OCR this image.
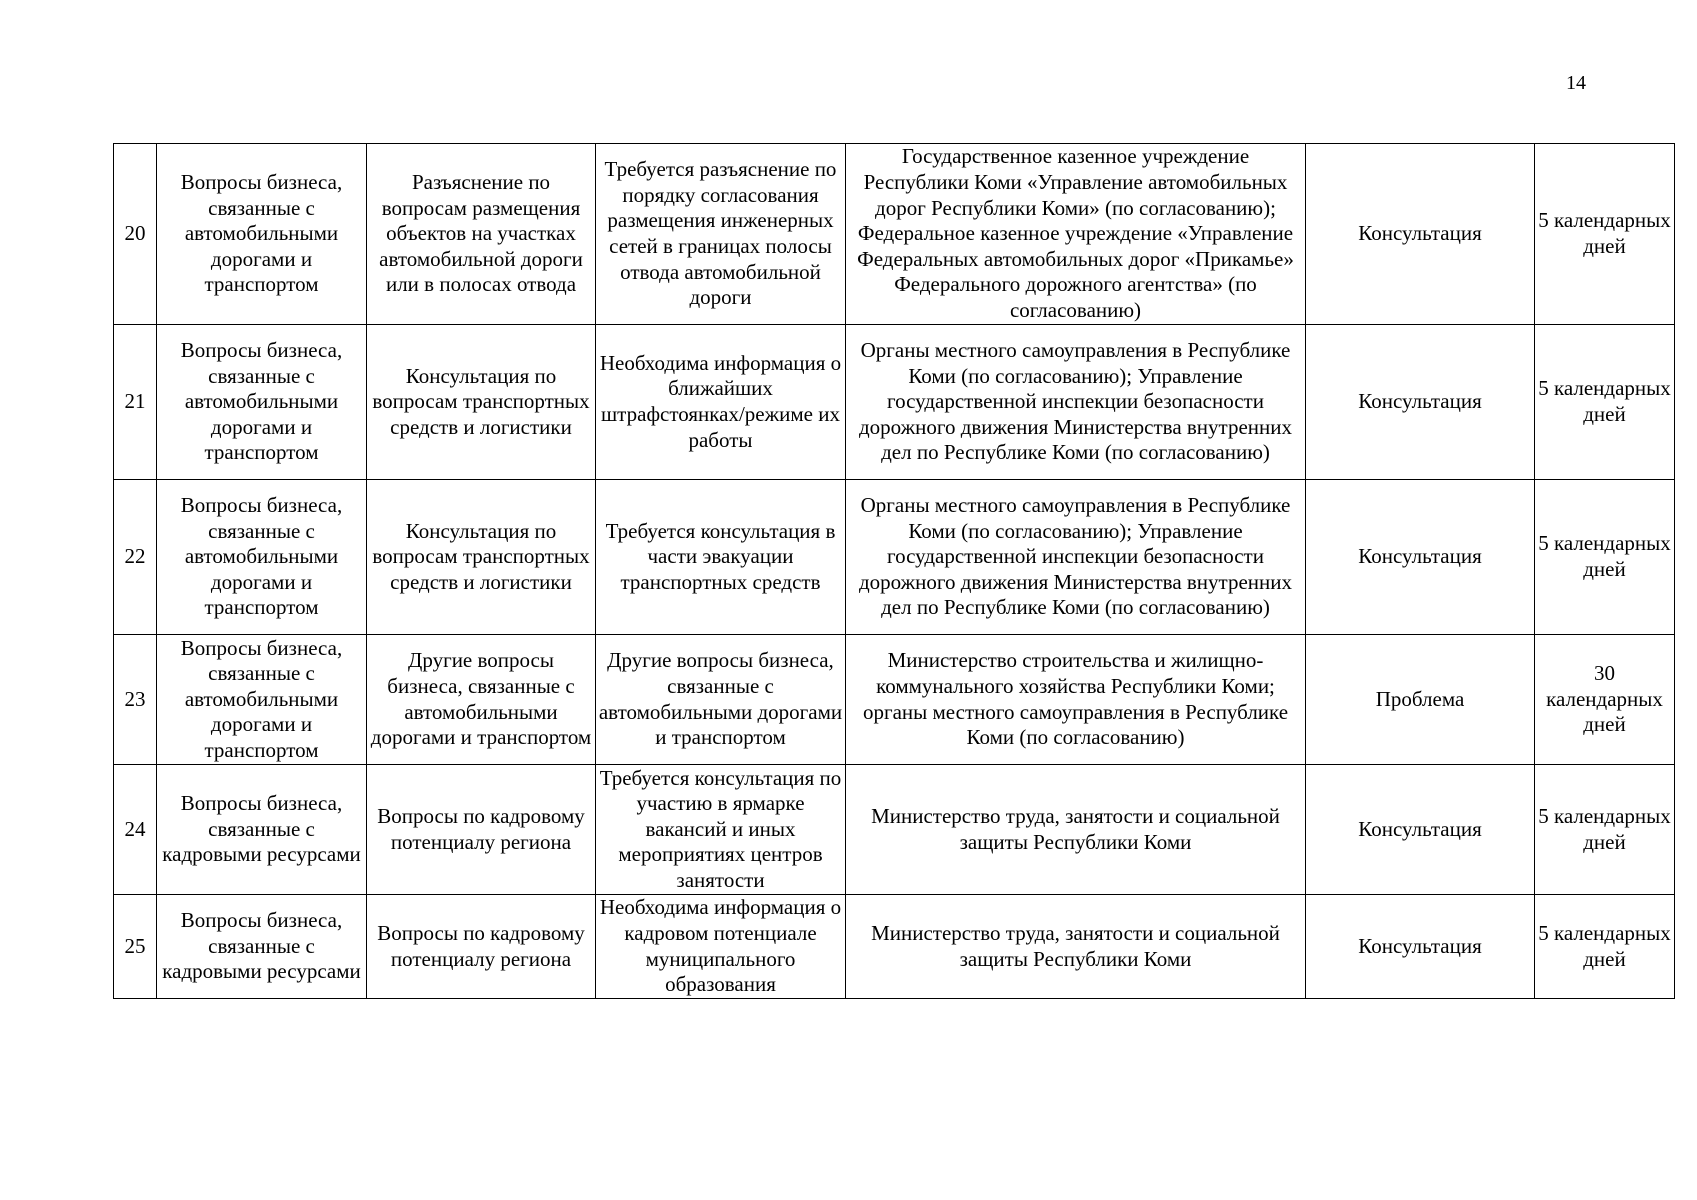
14
20	Вопросы бизнеса, связанные с автомобильными дорогами и транспортом	Разъяснение по вопросам размещения объектов на участках автомобильной дороги или в полосах отвода	Требуется разъяснение по порядку согласования размещения инженерных сетей в границах полосы отвода автомобильной дороги	Государственное казенное учреждение Республики Коми «Управление автомобильных дорог Республики Коми» (по согласованию); Федеральное казенное учреждение «Управление Федеральных автомобильных дорог «Прикамье» Федерального дорожного агентства» (по согласованию)	Консультация	5 календарных дней
21	Вопросы бизнеса, связанные с автомобильными дорогами и транспортом	Консультация по вопросам транспортных средств и логистики	Необходима информация о ближайших штрафстоянках/режиме их работы	Органы местного самоуправления в Республике Коми (по согласованию); Управление государственной инспекции безопасности дорожного движения Министерства внутренних дел по Республике Коми (по согласованию)	Консультация	5 календарных дней
22	Вопросы бизнеса, связанные с автомобильными дорогами и транспортом	Консультация по вопросам транспортных средств и логистики	Требуется консультация в части эвакуации транспортных средств	Органы местного самоуправления в Республике Коми (по согласованию); Управление государственной инспекции безопасности дорожного движения Министерства внутренних дел по Республике Коми (по согласованию)	Консультация	5 календарных дней
23	Вопросы бизнеса, связанные с автомобильными дорогами и транспортом	Другие вопросы бизнеса, связанные с автомобильными дорогами и транспортом	Другие вопросы бизнеса, связанные с автомобильными дорогами и транспортом	Министерство строительства и жилищно-коммунального хозяйства Республики Коми; органы местного самоуправления в Республике Коми (по согласованию)	Проблема	30 календарных дней
24	Вопросы бизнеса, связанные с кадровыми ресурсами	Вопросы по кадровому потенциалу региона	Требуется консультация по участию в ярмарке вакансий и иных мероприятиях центров занятости	Министерство труда, занятости и социальной защиты Республики Коми	Консультация	5 календарных дней
25	Вопросы бизнеса, связанные с кадровыми ресурсами	Вопросы по кадровому потенциалу региона	Необходима информация о кадровом потенциале муниципального образования	Министерство труда, занятости и социальной защиты Республики Коми	Консультация	5 календарных дней
